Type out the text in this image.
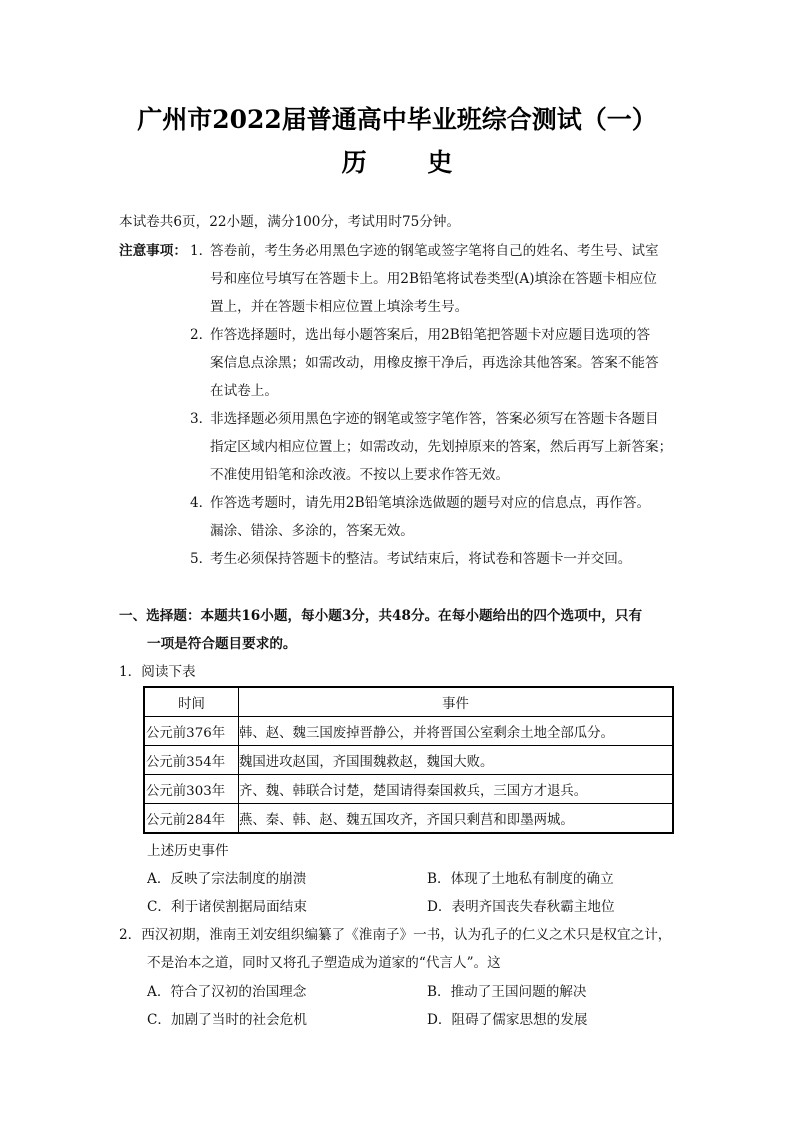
广州市2022届普通高中毕业班综合测试（一）
历 史
本试卷共6页，22小题，满分100分，考试用时75分钟。
注意事项： 1．
答卷前，考生务必用黑色字迹的钢笔或签字笔将自己的姓名、考生号、试室
号和座位号填写在答题卡上。用2B铅笔将试卷类型(A)填涂在答题卡相应位
置上，并在答题卡相应位置上填涂考生号。
2．
作答选择题时，选出每小题答案后，用2B铅笔把答题卡对应题目选项的答
案信息点涂黑；如需改动，用橡皮擦干净后，再选涂其他答案。答案不能答
在试卷上。
3．
非选择题必须用黑色字迹的钢笔或签字笔作答，答案必须写在答题卡各题目
指定区域内相应位置上；如需改动，先划掉原来的答案，然后再写上新答案；
不准使用铅笔和涂改液。不按以上要求作答无效。
4．
作答选考题时，请先用2B铅笔填涂选做题的题号对应的信息点，再作答。
漏涂、错涂、多涂的，答案无效。
5．
考生必须保持答题卡的整洁。考试结束后，将试卷和答题卡一并交回。
一、选择题：本题共16小题，每小题3分，共48分。在每小题给出的四个选项中，只有
一项是符合题目要求的。
1．阅读下表
时间	事件
公元前376年	韩、赵、魏三国废掉晋静公，并将晋国公室剩余土地全部瓜分。
公元前354年	魏国进攻赵国，齐国围魏救赵，魏国大败。
公元前303年	齐、魏、韩联合讨楚，楚国请得秦国救兵，三国方才退兵。
公元前284年	燕、秦、韩、赵、魏五国攻齐，齐国只剩莒和即墨两城。
上述历史事件
A．反映了宗法制度的崩溃	B．体现了土地私有制度的确立
C．利于诸侯割据局面结束	D．表明齐国丧失春秋霸主地位
2．西汉初期，淮南王刘安组织编纂了《淮南子》一书，认为孔子的仁义之术只是权宜之计，
不是治本之道，同时又将孔子塑造成为道家的“代言人”。这
A．符合了汉初的治国理念	B．推动了王国问题的解决
C．加剧了当时的社会危机	D．阻碍了儒家思想的发展
